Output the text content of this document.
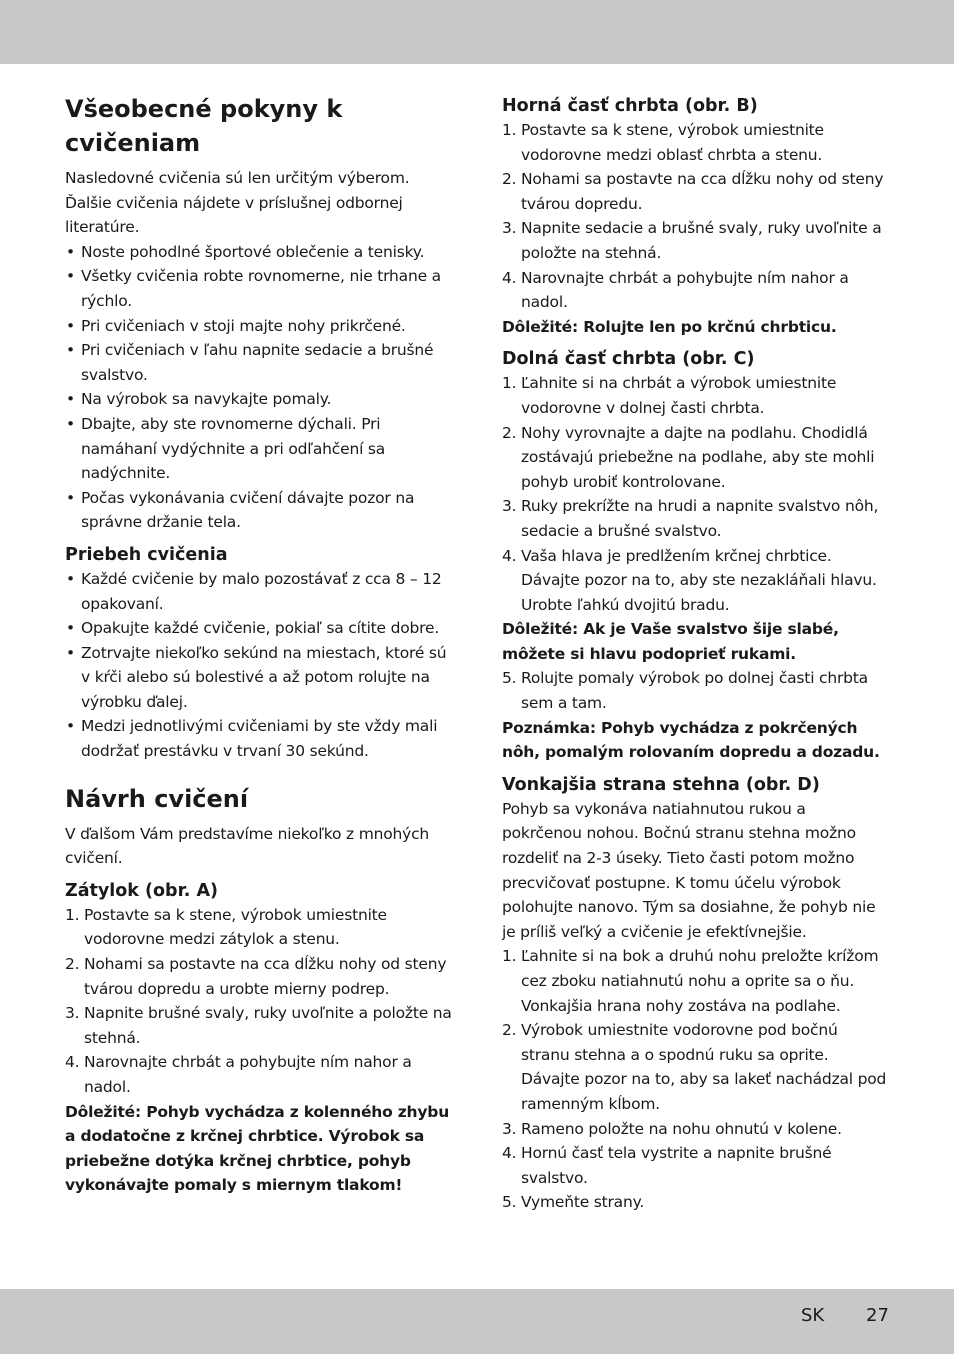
Všeobecné pokyny k cvičeniam

Nasledovné cvičenia sú len určitým výberom. Ďalšie cvičenia nájdete v príslušnej odbornej literatúre.

• Noste pohodlné športové oblečenie a tenisky.
• Všetky cvičenia robte rovnomerne, nie trhane a rýchlo.
• Pri cvičeniach v stoji majte nohy prikrčené.
• Pri cvičeniach v ľahu napnite sedacie a brušné svalstvo.
• Na výrobok sa navykajte pomaly.
• Dbajte, aby ste rovnomerne dýchali. Pri namáhaní vydýchnite a pri odľahčení sa nadýchnite.
• Počas vykonávania cvičení dávajte pozor na správne držanie tela.
Priebeh cvičenia
• Každé cvičenie by malo pozostávať z cca 8 – 12 opakovaní.
• Opakujte každé cvičenie, pokiaľ sa cítite dobre.
• Zotrvajte niekoľko sekúnd na miestach, ktoré sú v kŕči alebo sú bolestivé a až potom rolujte na výrobku ďalej.
• Medzi jednotlivými cvičeniami by ste vždy mali dodržať prestávku v trvaní 30 sekúnd.
Návrh cvičení

V ďalšom Vám predstavíme niekoľko z mnohých cvičení.

Zátylok (obr. A)
1. Postavte sa k stene, výrobok umiestnite vodorovne medzi zátylok a stenu.
2. Nohami sa postavte na cca dĺžku nohy od steny tvárou dopredu a urobte mierny podrep.
3. Napnite brušné svaly, ruky uvoľnite a položte na stehná.
4. Narovnajte chrbát a pohybujte ním nahor a nadol.

Dôležité: Pohyb vychádza z kolenného zhybu a dodatočne z krčnej chrbtice. Výrobok sa priebežne dotýka krčnej chrbtice, pohyb vykonávajte pomaly s miernym tlakom!

Horná časť chrbta (obr. B)
1. Postavte sa k stene, výrobok umiestnite vodorovne medzi oblasť chrbta a stenu.
2. Nohami sa postavte na cca dĺžku nohy od steny tvárou dopredu.
3. Napnite sedacie a brušné svaly, ruky uvoľnite a položte na stehná.
4. Narovnajte chrbát a pohybujte ním nahor a nadol.

Dôležité: Rolujte len po krčnú chrbticu.

Dolná časť chrbta (obr. C)
1. Ľahnite si na chrbát a výrobok umiestnite vodorovne v dolnej časti chrbta.
2. Nohy vyrovnajte a dajte na podlahu. Chodidlá zostávajú priebežne na podlahe, aby ste mohli pohyb urobiť kontrolovane.
3. Ruky prekrížte na hrudi a napnite svalstvo nôh, sedacie a brušné svalstvo.
4. Vaša hlava je predlžením krčnej chrbtice. Dávajte pozor na to, aby ste nezakláňali hlavu. Urobte ľahkú dvojitú bradu.

Dôležité: Ak je Vaše svalstvo šije slabé, môžete si hlavu podoprieť rukami.

5. Rolujte pomaly výrobok po dolnej časti chrbta sem a tam.

Poznámka: Pohyb vychádza z pokrčených nôh, pomalým rolovaním dopredu a dozadu.

Vonkajšia strana stehna (obr. D)

Pohyb sa vykonáva natiahnutou rukou a pokrčenou nohou. Bočnú stranu stehna možno rozdeliť na 2-3 úseky. Tieto časti potom možno precvičovať postupne. K tomu účelu výrobok polohujte nanovo. Tým sa dosiahne, že pohyb nie je príliš veľký a cvičenie je efektívnejšie.

1. Ľahnite si na bok a druhú nohu preložte krížom cez zboku natiahnutú nohu a oprite sa o ňu. Vonkajšia hrana nohy zostáva na podlahe.
2. Výrobok umiestnite vodorovne pod bočnú stranu stehna a o spodnú ruku sa oprite. Dávajte pozor na to, aby sa lakeť nachádzal pod ramenným kĺbom.
3. Rameno položte na nohu ohnutú v kolene.
4. Hornú časť tela vystrite a napnite brušné svalstvo.
5. Vymeňte strany.
SK 27
